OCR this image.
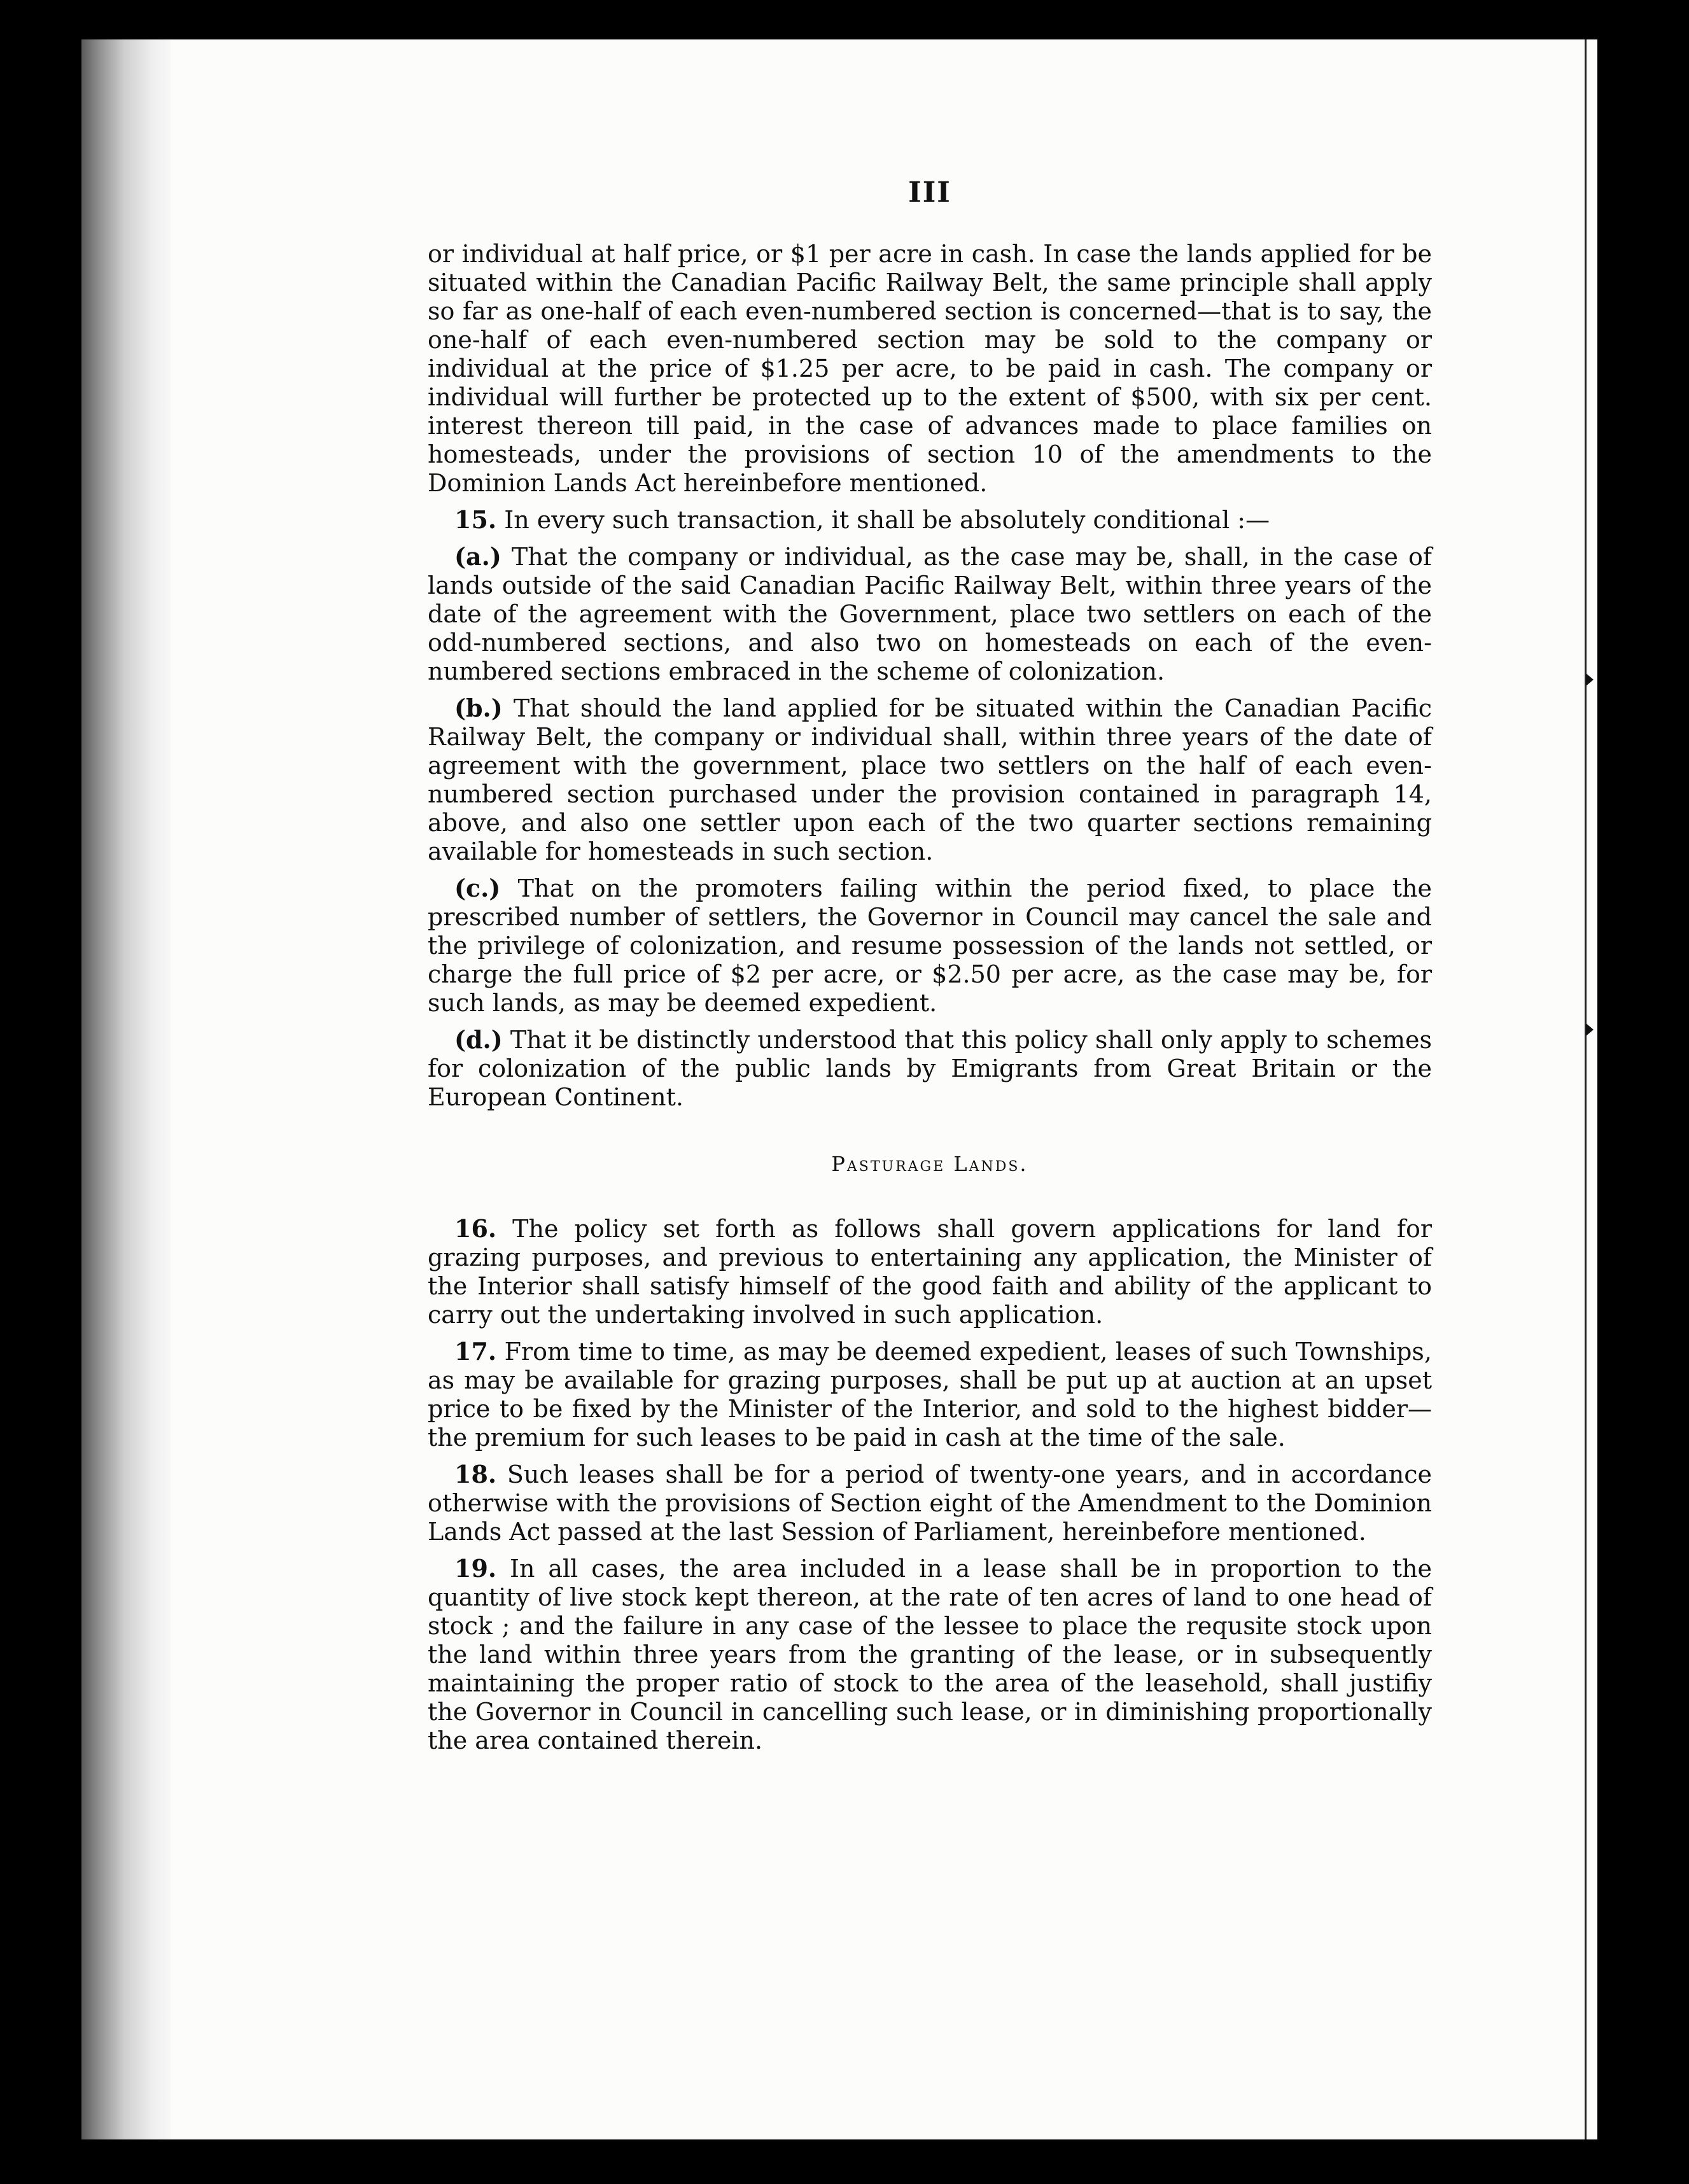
III

or individual at half price, or $1 per acre in cash. In case the lands applied for be situated within the Canadian Pacific Railway Belt, the same principle shall apply so far as one-half of each even-numbered section is concerned—that is to say, the one-half of each even-numbered section may be sold to the company or individual at the price of $1.25 per acre, to be paid in cash. The company or individual will further be protected up to the extent of $500, with six per cent. interest thereon till paid, in the case of advances made to place families on homesteads, under the provisions of section 10 of the amendments to the Dominion Lands Act hereinbefore mentioned.

15. In every such transaction, it shall be absolutely conditional :—

(a.) That the company or individual, as the case may be, shall, in the case of lands outside of the said Canadian Pacific Railway Belt, within three years of the date of the agreement with the Government, place two settlers on each of the odd-numbered sections, and also two on homesteads on each of the even-numbered sections embraced in the scheme of colonization.

(b.) That should the land applied for be situated within the Canadian Pacific Railway Belt, the company or individual shall, within three years of the date of agreement with the government, place two settlers on the half of each even-numbered section purchased under the provision contained in paragraph 14, above, and also one settler upon each of the two quarter sections remaining available for homesteads in such section.

(c.) That on the promoters failing within the period fixed, to place the prescribed number of settlers, the Governor in Council may cancel the sale and the privilege of colonization, and resume possession of the lands not settled, or charge the full price of $2 per acre, or $2.50 per acre, as the case may be, for such lands, as may be deemed expedient.

(d.) That it be distinctly understood that this policy shall only apply to schemes for colonization of the public lands by Emigrants from Great Britain or the European Continent.

Pasturage Lands.

16. The policy set forth as follows shall govern applications for land for grazing purposes, and previous to entertaining any application, the Minister of the Interior shall satisfy himself of the good faith and ability of the applicant to carry out the undertaking involved in such application.

17. From time to time, as may be deemed expedient, leases of such Townships, as may be available for grazing purposes, shall be put up at auction at an upset price to be fixed by the Minister of the Interior, and sold to the highest bidder—the premium for such leases to be paid in cash at the time of the sale.

18. Such leases shall be for a period of twenty-one years, and in accordance otherwise with the provisions of Section eight of the Amendment to the Dominion Lands Act passed at the last Session of Parliament, hereinbefore mentioned.

19. In all cases, the area included in a lease shall be in proportion to the quantity of live stock kept thereon, at the rate of ten acres of land to one head of stock ; and the failure in any case of the lessee to place the requsite stock upon the land within three years from the granting of the lease, or in subsequently maintaining the proper ratio of stock to the area of the leasehold, shall justifiy the Governor in Council in cancelling such lease, or in diminishing proportionally the area contained therein.
